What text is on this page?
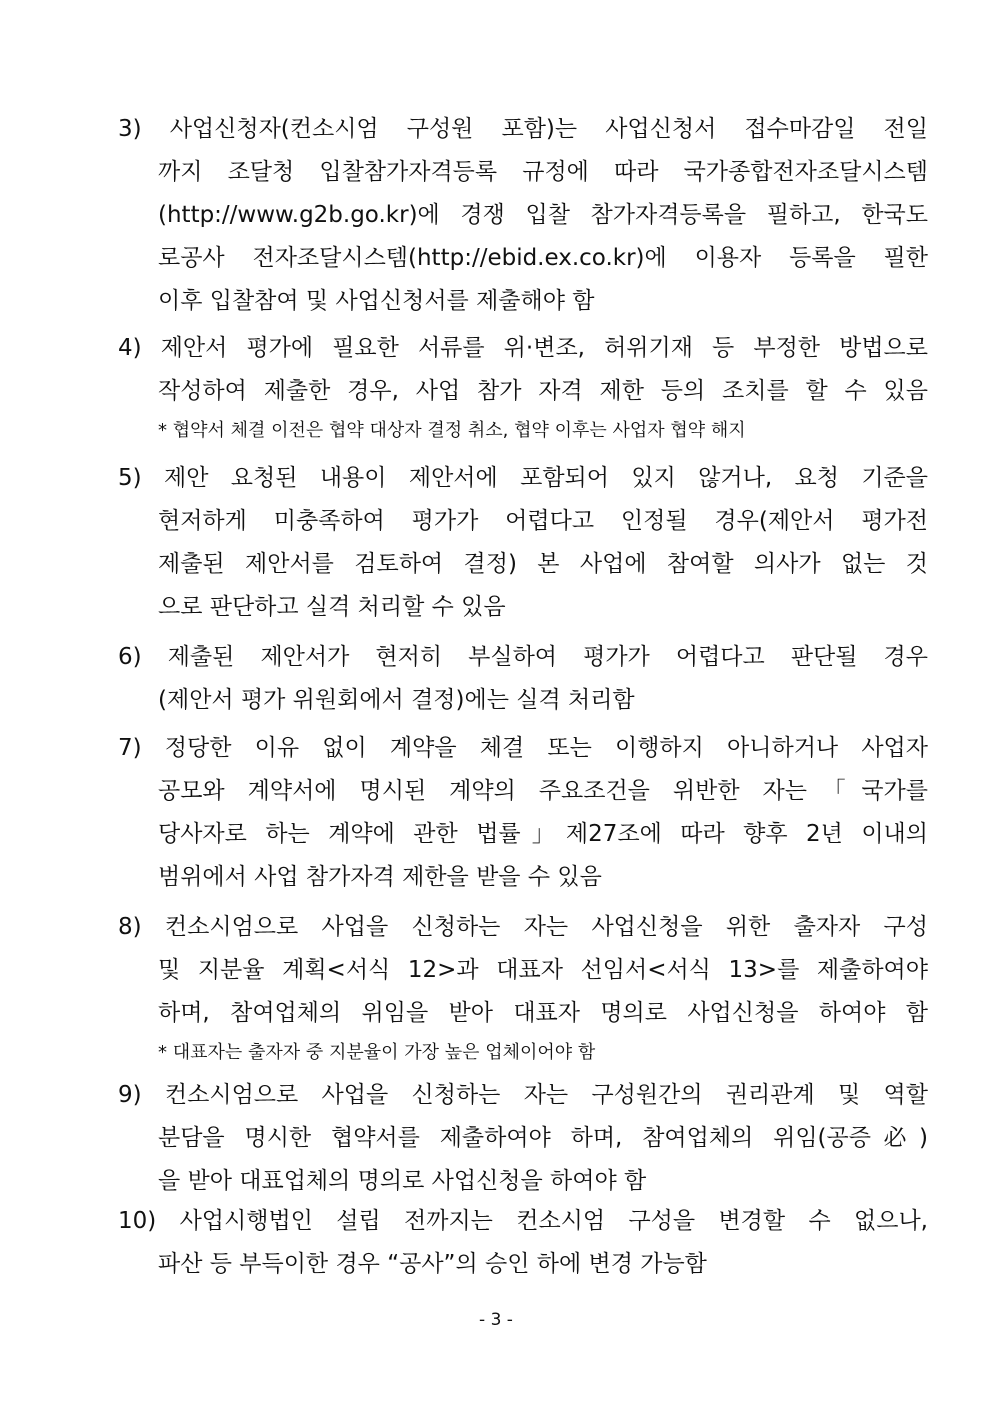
3) 사업신청자(컨소시엄 구성원 포함)는 사업신청서 접수마감일 전일
까지 조달청 입찰참가자격등록 규정에 따라 국가종합전자조달시스템
(http://www.g2b.go.kr)에 경쟁 입찰 참가자격등록을 필하고, 한국도
로공사 전자조달시스템(http://ebid.ex.co.kr)에 이용자 등록을 필한
이후 입찰참여 및 사업신청서를 제출해야 함
4) 제안서 평가에 필요한 서류를 위·변조, 허위기재 등 부정한 방법으로
작성하여 제출한 경우, 사업 참가 자격 제한 등의 조치를 할 수 있음
* 협약서 체결 이전은 협약 대상자 결정 취소, 협약 이후는 사업자 협약 해지
5) 제안 요청된 내용이 제안서에 포함되어 있지 않거나, 요청 기준을
현저하게 미충족하여 평가가 어렵다고 인정될 경우(제안서 평가전
제출된 제안서를 검토하여 결정) 본 사업에 참여할 의사가 없는 것
으로 판단하고 실격 처리할 수 있음
6) 제출된 제안서가 현저히 부실하여 평가가 어렵다고 판단될 경우
(제안서 평가 위원회에서 결정)에는 실격 처리함
7) 정당한 이유 없이 계약을 체결 또는 이행하지 아니하거나 사업자
공모와 계약서에 명시된 계약의 주요조건을 위반한 자는「국가를
당사자로 하는 계약에 관한 법률」제27조에 따라 향후 2년 이내의
범위에서 사업 참가자격 제한을 받을 수 있음
8) 컨소시엄으로 사업을 신청하는 자는 사업신청을 위한 출자자 구성
및 지분율 계획<서식 12>과 대표자 선임서<서식 13>를 제출하여야
하며, 참여업체의 위임을 받아 대표자 명의로 사업신청을 하여야 함
* 대표자는 출자자 중 지분율이 가장 높은 업체이어야 함
9) 컨소시엄으로 사업을 신청하는 자는 구성원간의 권리관계 및 역할
분담을 명시한 협약서를 제출하여야 하며, 참여업체의 위임(공증必)
을 받아 대표업체의 명의로 사업신청을 하여야 함
10) 사업시행법인 설립 전까지는 컨소시엄 구성을 변경할 수 없으나,
파산 등 부득이한 경우 “공사”의 승인 하에 변경 가능함
- 3 -
